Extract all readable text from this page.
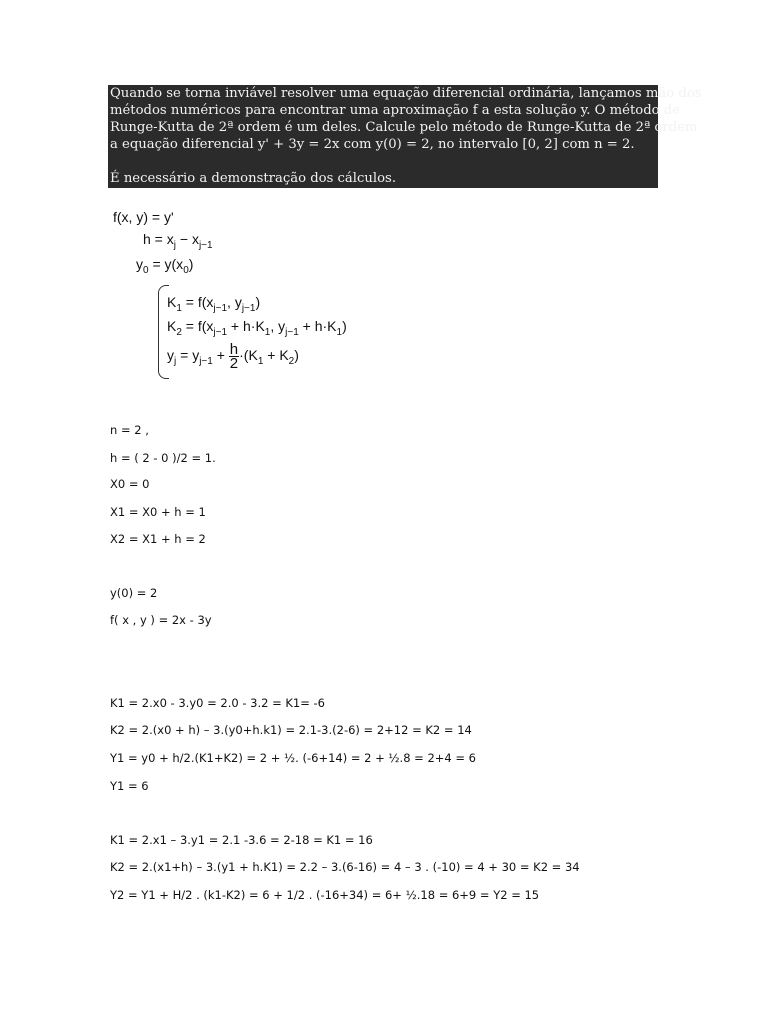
Quando se torna inviável resolver uma equação diferencial ordinária, lançamos mão dos
métodos numéricos para encontrar uma aproximação f a esta solução y. O método de
Runge-Kutta de 2ª ordem é um deles. Calcule pelo método de Runge-Kutta de 2ª ordem
a equação diferencial y' + 3y = 2x com y(0) = 2, no intervalo [0, 2] com n = 2.
É necessário a demonstração dos cálculos.
f(x, y) = y'
$h = x_j - x_{j-1}$
$y_0 = y(x_0)$
$K_1 = f(x_{j-1}$, $y_{j-1}$)
$K_2 = f(x_{j-1} + h\cdot K_1$, $y_{j-1} + h\cdot K_1$)
$y_j = y_{j-1} + \frac{h}{2} \cdot(K_1 + K_2)$
n = 2 ,
h = ( 2 - 0 )/2 = 1.
X0 = 0
X1 = X0 + h = 1
X2 = X1 + h = 2
y(0) = 2
f( x , y ) = 2x - 3y
K1 = 2.x0 - 3.y0 = 2.0 - 3.2 = K1= -6
K2 = 2.(x0 + h) – 3.(y0+h.k1) = 2.1-3.(2-6) = 2+12 = K2 = 14
Y1 = y0 + h/2.(K1+K2) = 2 + ½. (-6+14) = 2 + ½.8 = 2+4 = 6
Y1 = 6
K1 = 2.x1 – 3.y1 = 2.1 -3.6 = 2-18 = K1 = 16
K2 = 2.(x1+h) – 3.(y1 + h.K1) = 2.2 – 3.(6-16) = 4 – 3 . (-10) = 4 + 30 = K2 = 34
Y2 = Y1 + H/2 . (k1-K2) = 6 + 1/2 . (-16+34) = 6+ ½.18 = 6+9 = Y2 = 15
